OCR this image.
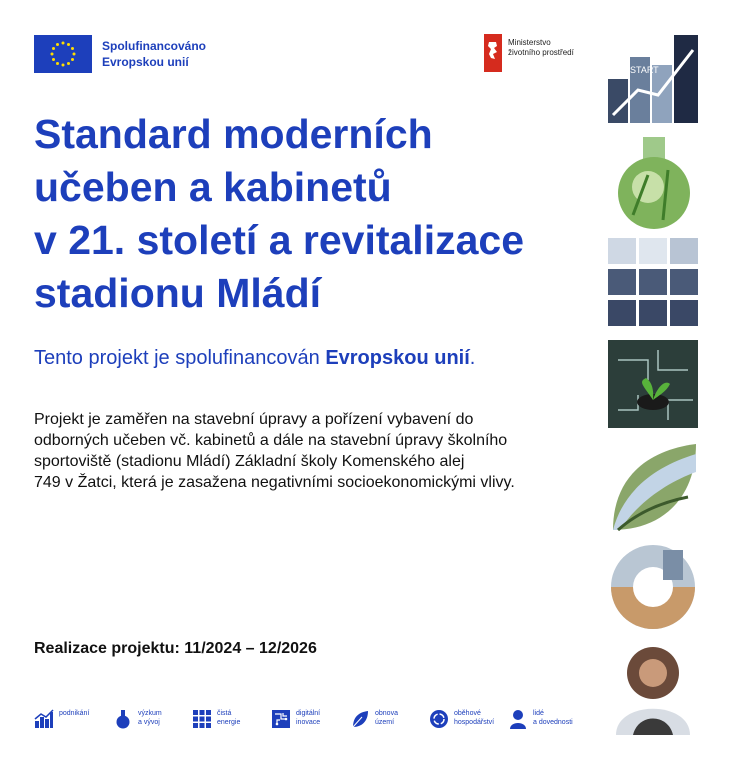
Spolufinancováno
Evropskou unií
Ministerstvo
životního prostředí
Standard moderních
učeben a kabinetů
v 21. století a revitalizace
stadionu Mládí
Tento projekt je spolufinancován Evropskou unií.
Projekt je zaměřen na stavební úpravy a pořízení vybavení do
odborných učeben vč. kabinetů a dále na stavební úpravy školního
sportoviště (stadionu Mládí) Základní školy Komenského alej
749 v Žatci, která je zasažena negativními socioekonomickými vlivy.
Realizace projektu: 11/2024 – 12/2026
podnikání	výzkum
a vývoj
čistá
energie
digitální
inovace
obnova
území
oběhové
hospodářství
lidé
a dovednosti
START
